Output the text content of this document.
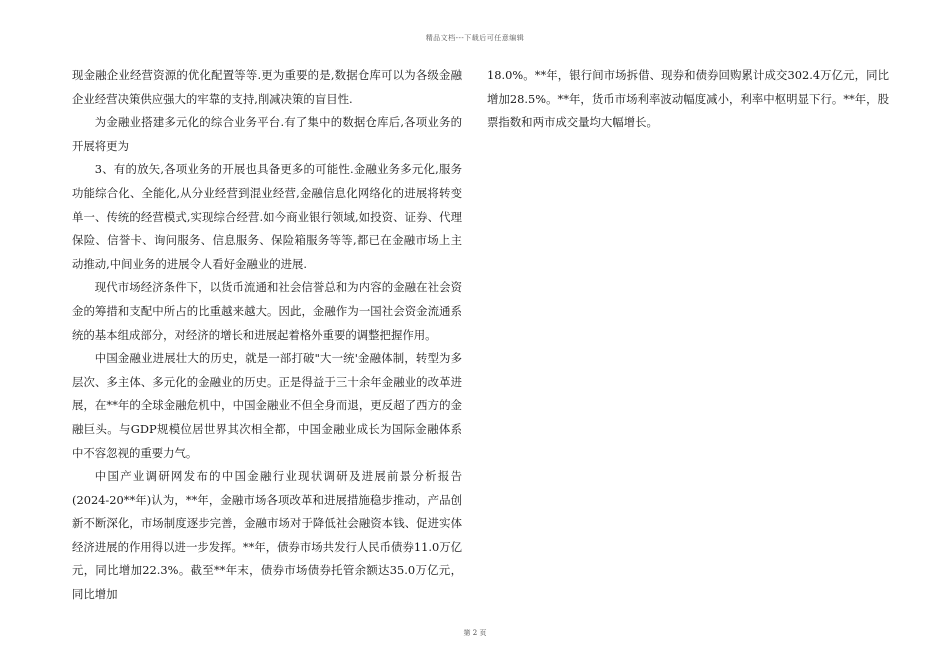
精品文档---下载后可任意编辑

现金融企业经营资源的优化配置等等.更为重要的是,数据仓库可以为各级金融企业经营决策供应强大的牢靠的支持,削减决策的盲目性.

为金融业搭建多元化的综合业务平台.有了集中的数据仓库后,各项业务的开展将更为

3、有的放矢,各项业务的开展也具备更多的可能性.金融业务多元化,服务功能综合化、全能化,从分业经营到混业经营,金融信息化网络化的进展将转变单一、传统的经营模式,实现综合经营.如今商业银行领域,如投资、证券、代理保险、信誉卡、询问服务、信息服务、保险箱服务等等,都已在金融市场上主动推动,中间业务的进展令人看好金融业的进展.

现代市场经济条件下，以货币流通和社会信誉总和为内容的金融在社会资金的筹措和支配中所占的比重越来越大。因此，金融作为一国社会资金流通系统的基本组成部分，对经济的增长和进展起着格外重要的调整把握作用。

中国金融业进展壮大的历史，就是一部打破"大一统'金融体制，转型为多层次、多主体、多元化的金融业的历史。正是得益于三十余年金融业的改革进展，在**年的全球金融危机中，中国金融业不但全身而退，更反超了西方的金融巨头。与GDP规模位居世界其次相全都，中国金融业成长为国际金融体系中不容忽视的重要力气。

中国产业调研网发布的中国金融行业现状调研及进展前景分析报告(2024-20**年)认为，**年，金融市场各项改革和进展措施稳步推动，产品创新不断深化，市场制度逐步完善，金融市场对于降低社会融资本钱、促进实体经济进展的作用得以进一步发挥。**年，债券市场共发行人民币债券11.0万亿元，同比增加22.3%。截至**年末，债券市场债券托管余额达35.0万亿元，同比增加

18.0%。**年，银行间市场拆借、现券和债券回购累计成交302.4万亿元，同比增加28.5%。**年，货币市场利率波动幅度减小，利率中枢明显下行。**年，股票指数和两市成交量均大幅增长。

第 2 页
